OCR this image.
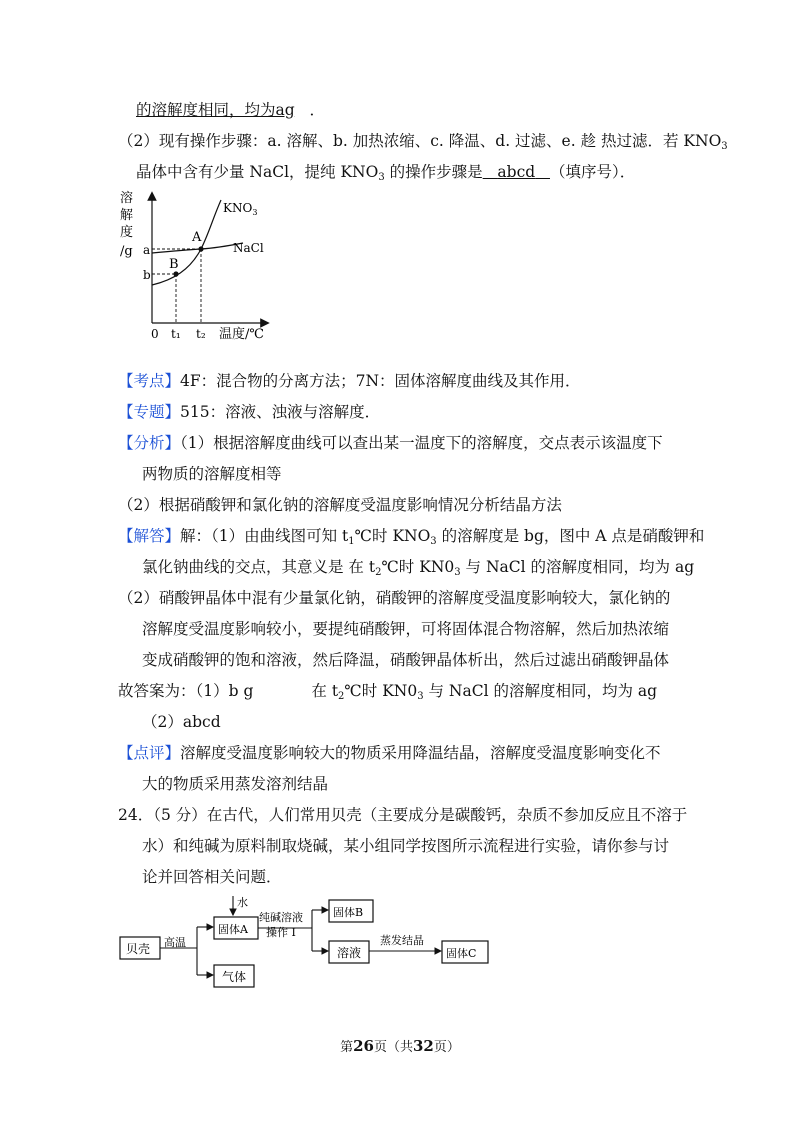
的溶解度相同，均为ag ．
（2）现有操作步骤：a. 溶解、b. 加热浓缩、c. 降温、d. 过滤、e. 趁 热过滤．若 $KNO_3$
晶体中含有少量 NaCl，提纯 $KNO_3$ 的操作步骤是 abcd （填序号）．
溶
解
度
/g a
b
A
B
$KNO_3$
NaCl
0 t₁ t₂ 温度/℃
【考点】4F：混合物的分离方法；7N：固体溶解度曲线及其作用．
【专题】515：溶液、浊液与溶解度．
【分析】（1）根据溶解度曲线可以查出某一温度下的溶解度，交点表示该温度下
两物质的溶解度相等
（2）根据硝酸钾和氯化钠的溶解度受温度影响情况分析结晶方法
【解答】解：（1）由曲线图可知 $t_1℃$时 $KNO_3$ 的溶解度是 bg，图中 A 点是硝酸钾和
氯化钠曲线的交点，其意义是 在 $t_2℃$时 $KN0_3$ 与 NaCl 的溶解度相同，均为 ag
（2）硝酸钾晶体中混有少量氯化钠，硝酸钾的溶解度受温度影响较大，氯化钠的
溶解度受温度影响较小，要提纯硝酸钾，可将固体混合物溶解，然后加热浓缩
变成硝酸钾的饱和溶液，然后降温，硝酸钾晶体析出，然后过滤出硝酸钾晶体
故答案为：（1）b g	在 $t_2℃$时 $KN0_3$ 与 NaCl 的溶解度相同，均为 ag
（2）abcd
【点评】溶解度受温度影响较大的物质采用降温结晶，溶解度受温度影响变化不
大的物质采用蒸发溶剂结晶
24．（5 分）在古代，人们常用贝壳（主要成分是碳酸钙，杂质不参加反应且不溶于
水）和纯碱为原料制取烧碱，某小组同学按图所示流程进行实验，请你参与讨
论并回答相关问题．
贝壳 高温
水
固体A
气体
纯碱溶液
操作 I
固体B
溶液
蒸发结晶
固体C
第26页（共32页）
